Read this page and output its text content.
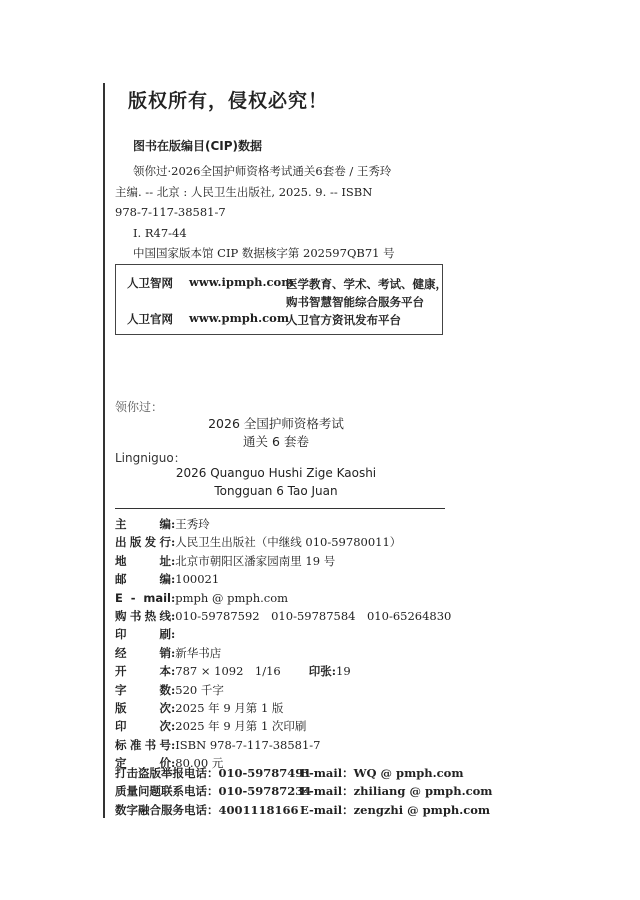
版权所有，侵权必究！
图书在版编目(CIP)数据
领你过·2026全国护师资格考试通关6套卷 / 王秀玲
主编. -- 北京 : 人民卫生出版社, 2025. 9. -- ISBN
978-7-117-38581-7
Ⅰ. R47-44
中国国家版本馆 CIP 数据核字第 202597QB71 号
人卫智网 www.ipmph.com
医学教育、学术、考试、健康，
购书智慧智能综合服务平台
人卫官网 www.pmph.com
人卫官方资讯发布平台
领你过：
2026 全国护师资格考试
通关 6 套卷
Lingniguo：
2026 Quanguo Hushi Zige Kaoshi
Tongguan 6 Tao Juan
主 编:王秀玲
出版发行:人民卫生出版社（中继线 010-59780011）
地 址:北京市朝阳区潘家园南里 19 号
邮 编:100021
E - mail:pmph @ pmph.com
购书热线:010-59787592　010-59787584　010-65264830
印 刷:
经 销:新华书店
开 本:787 × 1092　1/16 印张:19
字 数:520 千字
版 次:2025 年 9 月第 1 版
印 次:2025 年 9 月第 1 次印刷
标准书号:ISBN 978-7-117-38581-7
定 价:80.00 元
打击盗版举报电话：010-59787491
E-mail：WQ @ pmph.com
质量问题联系电话：010-59787234
E-mail：zhiliang @ pmph.com
数字融合服务电话：4001118166 E-mail：zengzhi @ pmph.com
